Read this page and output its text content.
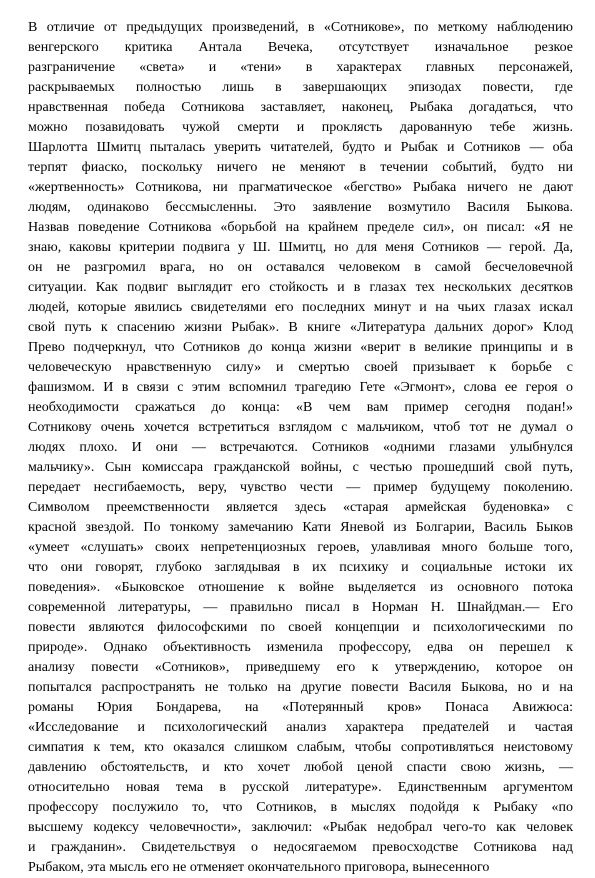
В отличие от предыдущих произведений, в «Сотникове», по меткому наблюдению
венгерского критика Антала Вечека, отсутствует изначальное резкое
разграничение «света» и «тени» в характерах главных персонажей,
раскрываемых полностью лишь в завершающих эпизодах повести, где
нравственная победа Сотникова заставляет, наконец, Рыбака догадаться, что
можно позавидовать чужой смерти и проклясть дарованную тебе жизнь.
Шарлотта Шмитц пыталась уверить читателей, будто и Рыбак и Сотников — оба
терпят фиаско, поскольку ничего не меняют в течении событий, будто ни
«жертвенность» Сотникова, ни прагматическое «бегство» Рыбака ничего не дают
людям, одинаково бессмысленны. Это заявление возмутило Василя Быкова.
Назвав поведение Сотникова «борьбой на крайнем пределе сил», он писал: «Я не
знаю, каковы критерии подвига у Ш. Шмитц, но для меня Сотников — герой. Да,
он не разгромил врага, но он оставался человеком в самой бесчеловечной
ситуации. Как подвиг выглядит его стойкость и в глазах тех нескольких десятков
людей, которые явились свидетелями его последних минут и на чьих глазах искал
свой путь к спасению жизни Рыбак». В книге «Литература дальних дорог» Клод
Прево подчеркнул, что Сотников до конца жизни «верит в великие принципы и в
человеческую нравственную силу» и смертью своей призывает к борьбе с
фашизмом. И в связи с этим вспомнил трагедию Гете «Эгмонт», слова ее героя о
необходимости сражаться до конца: «В чем вам пример сегодня подан!»
Сотникову очень хочется встретиться взглядом с мальчиком, чтоб тот не думал о
людях плохо. И они — встречаются. Сотников «одними глазами улыбнулся
мальчику». Сын комиссара гражданской войны, с честью прошедший свой путь,
передает несгибаемость, веру, чувство чести — пример будущему поколению.
Символом преемственности является здесь «старая армейская буденовка» с
красной звездой. По тонкому замечанию Кати Яневой из Болгарии, Василь Быков
«умеет «слушать» своих непретенциозных героев, улавливая много больше того,
что они говорят, глубоко заглядывая в их психику и социальные истоки их
поведения». «Быковское отношение к войне выделяется из основного потока
современной литературы, — правильно писал в Норман Н. Шнайдман.— Его
повести являются философскими по своей концепции и психологическими по
природе». Однако объективность изменила профессору, едва он перешел к
анализу повести «Сотников», приведшему его к утверждению, которое он
попытался распространять не только на другие повести Василя Быкова, но и на
романы Юрия Бондарева, на «Потерянный кров» Понаса Авижюса:
«Исследование и психологический анализ характера предателей и частая
симпатия к тем, кто оказался слишком слабым, чтобы сопротивляться неистовому
давлению обстоятельств, и кто хочет любой ценой спасти свою жизнь, —
относительно новая тема в русской литературе». Единственным аргументом
профессору послужило то, что Сотников, в мыслях подойдя к Рыбаку «по
высшему кодексу человечности», заключил: «Рыбак недобрал чего-то как человек
и гражданин». Свидетельствуя о недосягаемом превосходстве Сотникова над
Рыбаком, эта мысль его не отменяет окончательного приговора, вынесенного
